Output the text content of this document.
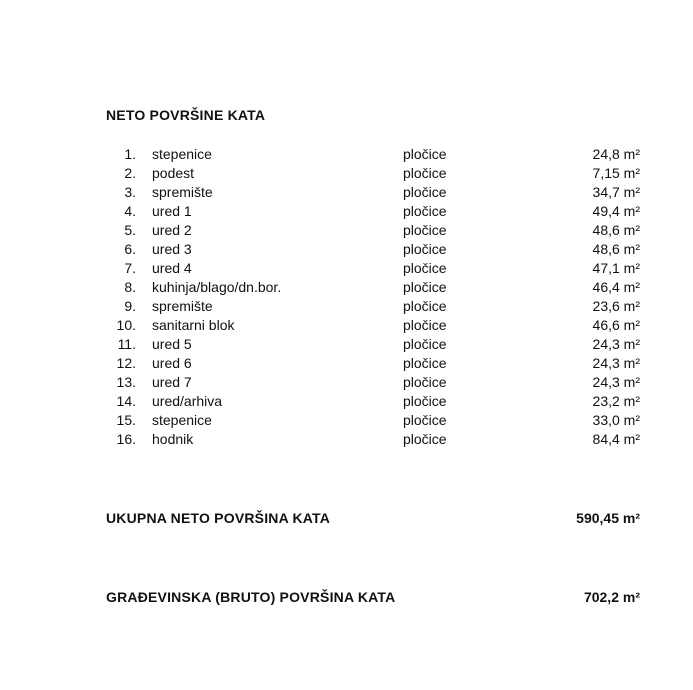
NETO POVRŠINE KATA
1. stepenice	pločice	24,8 m²
2. podest	pločice	7,15 m²
3. spremište	pločice	34,7 m²
4. ured 1	pločice	49,4 m²
5. ured 2	pločice	48,6 m²
6. ured 3	pločice	48,6 m²
7. ured 4	pločice	47,1 m²
8. kuhinja/blago/dn.bor.	pločice	46,4 m²
9. spremište	pločice	23,6 m²
10. sanitarni blok	pločice	46,6 m²
11. ured 5	pločice	24,3 m²
12. ured 6	pločice	24,3 m²
13. ured 7	pločice	24,3 m²
14. ured/arhiva	pločice	23,2 m²
15. stepenice	pločice	33,0 m²
16. hodnik	pločice	84,4 m²
UKUPNA NETO POVRŠINA KATA	590,45 m²
GRAĐEVINSKA (BRUTO) POVRŠINA KATA	702,2 m²
